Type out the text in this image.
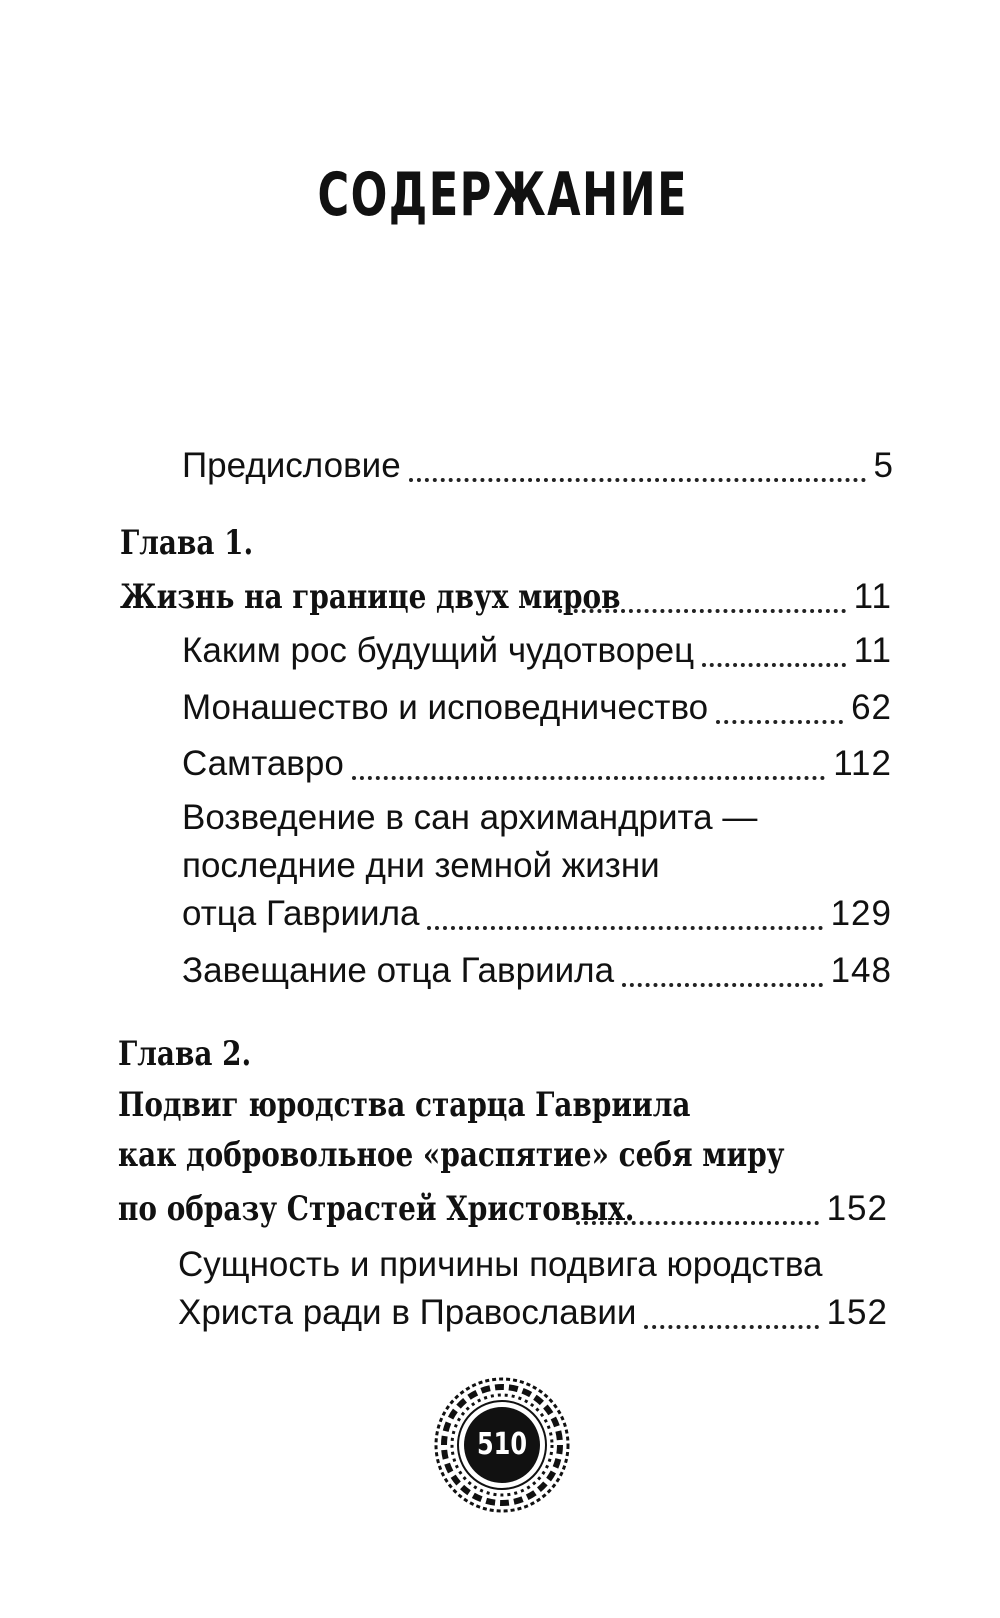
СОДЕРЖАНИЕ
Предисловие	5
Глава 1.
Жизнь на границе двух миров	11
Каким рос будущий чудотворец	11
Монашество и исповедничество	62
Самтавро	112
Возведение в сан архимандрита —
последние дни земной жизни
отца Гавриила	129
Завещание отца Гавриила	148
Глава 2.
Подвиг юродства старца Гавриила
как добровольное «распятие» себя миру
по образу Страстей Христовых.	152
Сущность и причины подвига юродства
Христа ради в Православии	152
510
